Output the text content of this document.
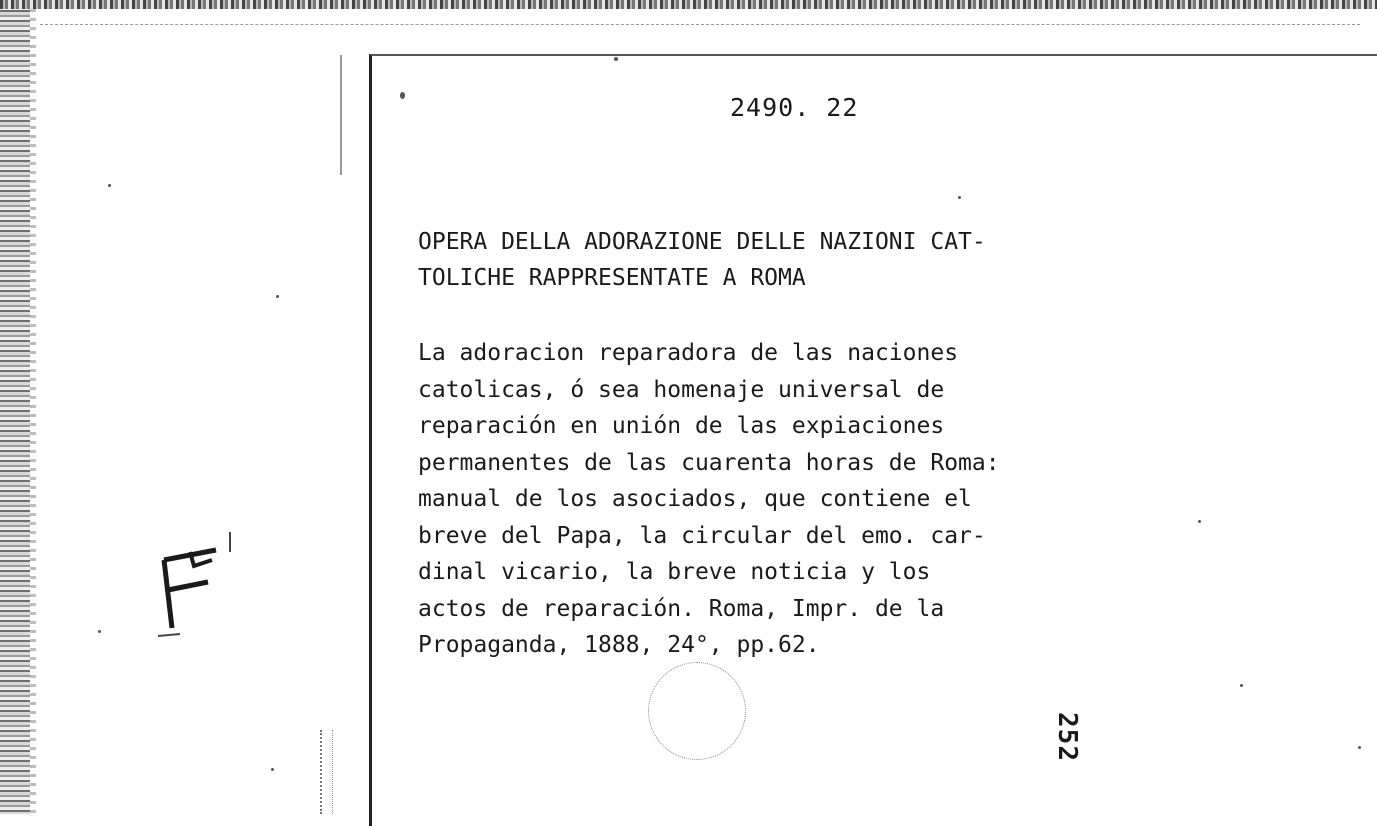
2490. 22
OPERA DELLA ADORAZIONE DELLE NAZIONI CAT-
TOLICHE RAPPRESENTATE A ROMA

La adoracion reparadora de las naciones
catolicas, ó sea homenaje universal de
reparación en unión de las expiaciones
permanentes de las cuarenta horas de Roma:
manual de los asociados, que contiene el
breve del Papa, la circular del emo. car-
dinal vicario, la breve noticia y los
actos de reparación. Roma, Impr. de la
Propaganda, 1888, 24°, pp.62.

252
